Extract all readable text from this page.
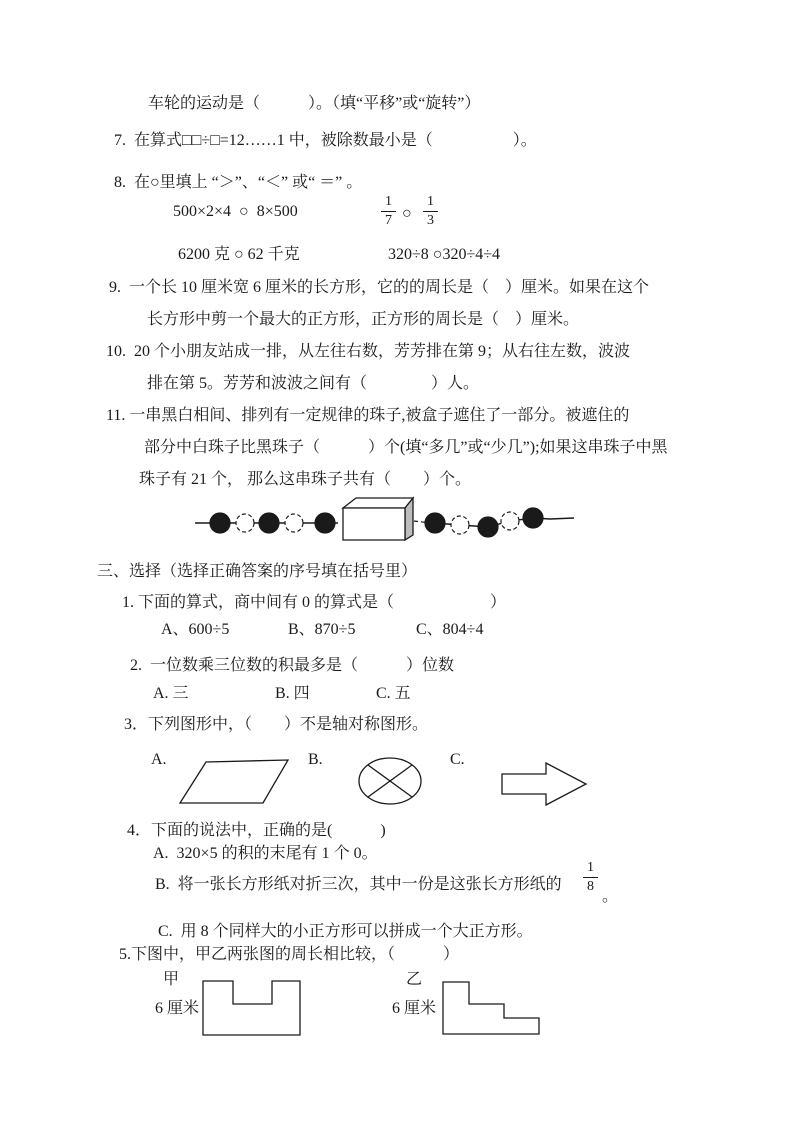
车轮的运动是（　　　）。（填“平移”或“旋转”）
7.  在算式□□÷□=12……1 中，被除数最小是（　　　　　）。
8.  在○里填上 “＞”、“＜” 或“ ＝” 。
500×2×4  ○  8×500	$\frac{1}{7}$ ○ $\frac{1}{3}$
6200 克 ○ 62 千克	320÷8 ○320÷4÷4
9.  一个长 10 厘米宽 6 厘米的长方形，它的的周长是（　）厘米。如果在这个
长方形中剪一个最大的正方形，正方形的周长是（　）厘米。
10.  20 个小朋友站成一排，从左往右数，芳芳排在第 9；从右往左数，波波
排在第 5。芳芳和波波之间有（　　　　）人。
11. 一串黑白相间、排列有一定规律的珠子,被盒子遮住了一部分。被遮住的
部分中白珠子比黑珠子（　　　）个(填“多几”或“少几”);如果这串珠子中黑
珠子有 21 个， 那么这串珠子共有（　　）个。
三、选择（选择正确答案的序号填在括号里）
1. 下面的算式，商中间有 0 的算式是（　　　　　　）
A、600÷5	B、870÷5	C、804÷4
2.  一位数乘三位数的积最多是（　　　）位数
A. 三	B. 四	C. 五
3．下列图形中，（　　）不是轴对称图形。
A.	B.	C.
4．下面的说法中，正确的是(　　　)
A.  320×5 的积的末尾有 1 个 0。
B.  将一张长方形纸对折三次，其中一份是这张长方形纸的 $\frac{1}{8}$
。
C.  用 8 个同样大的小正方形可以拼成一个大正方形。
5.下图中，甲乙两张图的周长相比较，（　　　）
甲
6 厘米
乙
6 厘米
